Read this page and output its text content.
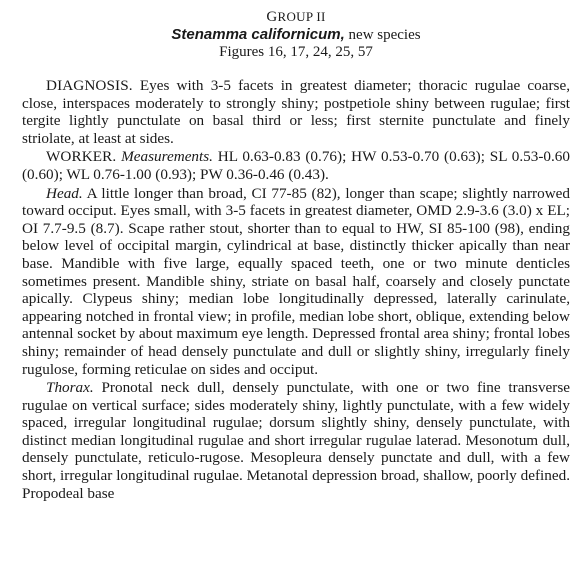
GROUP II
Stenamma californicum, new species
Figures 16, 17, 24, 25, 57

DIAGNOSIS. Eyes with 3-5 facets in greatest diameter; thoracic rugulae coarse, close, interspaces moderately to strongly shiny; postpetiole shiny between rugulae; first tergite lightly punctulate on basal third or less; first sternite punctulate and finely striolate, at least at sides.

WORKER. Measurements. HL 0.63-0.83 (0.76); HW 0.53-0.70 (0.63); SL 0.53-0.60 (0.60); WL 0.76-1.00 (0.93); PW 0.36-0.46 (0.43).

Head. A little longer than broad, CI 77-85 (82), longer than scape; slightly narrowed toward occiput. Eyes small, with 3-5 facets in greatest diameter, OMD 2.9-3.6 (3.0) x EL; OI 7.7-9.5 (8.7). Scape rather stout, shorter than to equal to HW, SI 85-100 (98), ending below level of occipital margin, cylindrical at base, distinctly thicker apically than near base. Mandible with five large, equally spaced teeth, one or two minute denticles sometimes present. Mandible shiny, striate on basal half, coarsely and closely punctate apically. Clypeus shiny; median lobe longitudinally depressed, laterally carinulate, appearing notched in frontal view; in profile, median lobe short, oblique, extending below antennal socket by about maximum eye length. Depressed frontal area shiny; frontal lobes shiny; remainder of head densely punctulate and dull or slightly shiny, irregularly finely rugulose, forming reticulae on sides and occiput.

Thorax. Pronotal neck dull, densely punctulate, with one or two fine transverse rugulae on vertical surface; sides moderately shiny, lightly punctulate, with a few widely spaced, irregular longitudinal rugulae; dorsum slightly shiny, densely punctulate, with distinct median longitudinal rugulae and short irregular rugulae laterad. Mesonotum dull, densely punctulate, reticulo-rugose. Mesopleura densely punctate and dull, with a few short, irregular longitudinal rugulae. Metanotal depression broad, shallow, poorly defined. Propodeal base
